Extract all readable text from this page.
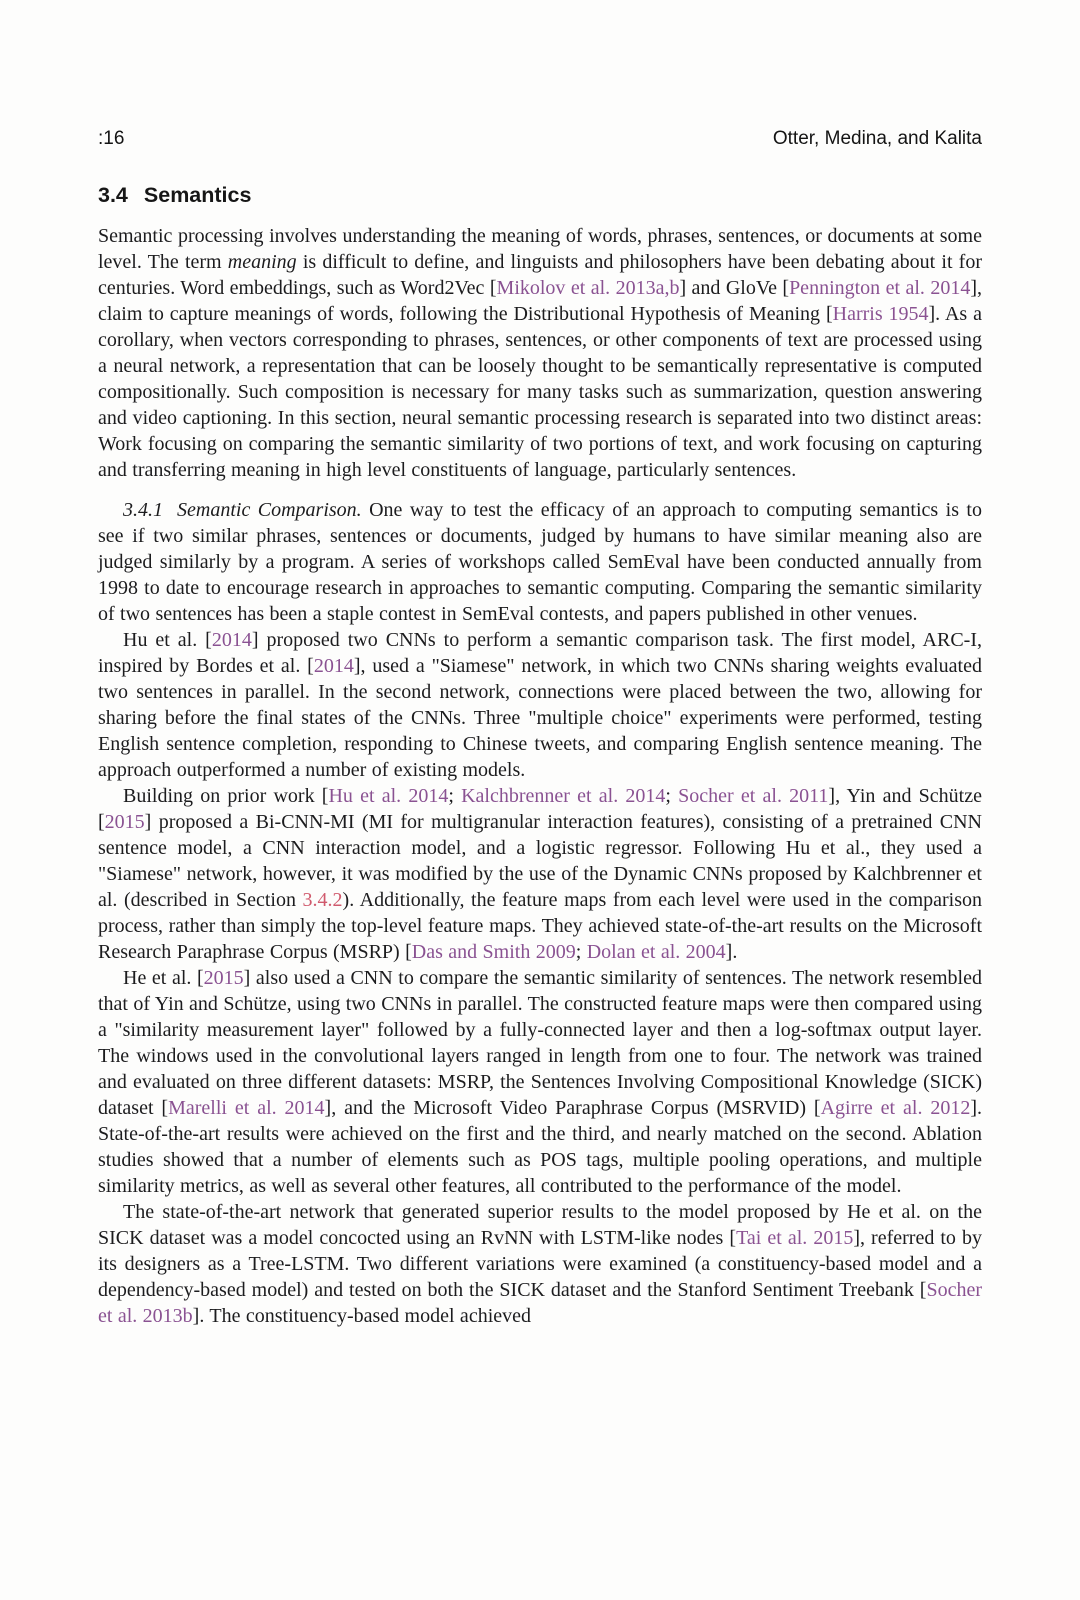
:16	Otter, Medina, and Kalita
3.4 Semantics

Semantic processing involves understanding the meaning of words, phrases, sentences, or documents at some level. The term meaning is difficult to define, and linguists and philosophers have been debating about it for centuries. Word embeddings, such as Word2Vec [Mikolov et al. 2013a,b] and GloVe [Pennington et al. 2014], claim to capture meanings of words, following the Distributional Hypothesis of Meaning [Harris 1954]. As a corollary, when vectors corresponding to phrases, sentences, or other components of text are processed using a neural network, a representation that can be loosely thought to be semantically representative is computed compositionally. Such composition is necessary for many tasks such as summarization, question answering and video captioning. In this section, neural semantic processing research is separated into two distinct areas: Work focusing on comparing the semantic similarity of two portions of text, and work focusing on capturing and transferring meaning in high level constituents of language, particularly sentences.

3.4.1  Semantic Comparison. One way to test the efficacy of an approach to computing semantics is to see if two similar phrases, sentences or documents, judged by humans to have similar meaning also are judged similarly by a program. A series of workshops called SemEval have been conducted annually from 1998 to date to encourage research in approaches to semantic computing. Comparing the semantic similarity of two sentences has been a staple contest in SemEval contests, and papers published in other venues.

Hu et al. [2014] proposed two CNNs to perform a semantic comparison task. The first model, ARC-I, inspired by Bordes et al. [2014], used a "Siamese" network, in which two CNNs sharing weights evaluated two sentences in parallel. In the second network, connections were placed between the two, allowing for sharing before the final states of the CNNs. Three "multiple choice" experiments were performed, testing English sentence completion, responding to Chinese tweets, and comparing English sentence meaning. The approach outperformed a number of existing models.

Building on prior work [Hu et al. 2014; Kalchbrenner et al. 2014; Socher et al. 2011], Yin and Schütze [2015] proposed a Bi-CNN-MI (MI for multigranular interaction features), consisting of a pretrained CNN sentence model, a CNN interaction model, and a logistic regressor. Following Hu et al., they used a "Siamese" network, however, it was modified by the use of the Dynamic CNNs proposed by Kalchbrenner et al. (described in Section 3.4.2). Additionally, the feature maps from each level were used in the comparison process, rather than simply the top-level feature maps. They achieved state-of-the-art results on the Microsoft Research Paraphrase Corpus (MSRP) [Das and Smith 2009; Dolan et al. 2004].

He et al. [2015] also used a CNN to compare the semantic similarity of sentences. The network resembled that of Yin and Schütze, using two CNNs in parallel. The constructed feature maps were then compared using a "similarity measurement layer" followed by a fully-connected layer and then a log-softmax output layer. The windows used in the convolutional layers ranged in length from one to four. The network was trained and evaluated on three different datasets: MSRP, the Sentences Involving Compositional Knowledge (SICK) dataset [Marelli et al. 2014], and the Microsoft Video Paraphrase Corpus (MSRVID) [Agirre et al. 2012]. State-of-the-art results were achieved on the first and the third, and nearly matched on the second. Ablation studies showed that a number of elements such as POS tags, multiple pooling operations, and multiple similarity metrics, as well as several other features, all contributed to the performance of the model.

The state-of-the-art network that generated superior results to the model proposed by He et al. on the SICK dataset was a model concocted using an RvNN with LSTM-like nodes [Tai et al. 2015], referred to by its designers as a Tree-LSTM. Two different variations were examined (a constituency-based model and a dependency-based model) and tested on both the SICK dataset and the Stanford Sentiment Treebank [Socher et al. 2013b]. The constituency-based model achieved
